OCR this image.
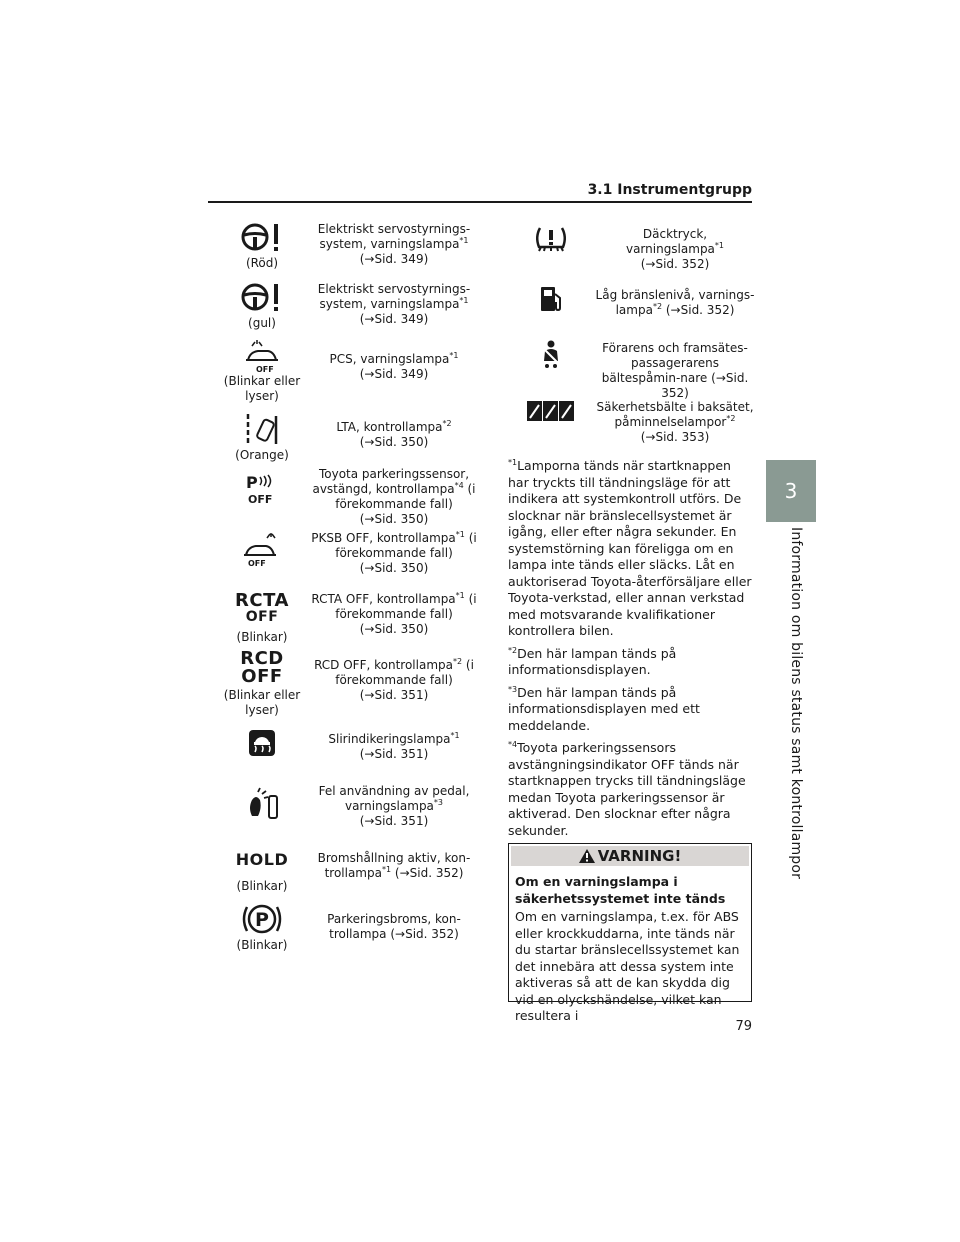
3.1 Instrumentgrupp
3
Information om bilens status samt kontrollampor
(Röd)
Elektriskt servostyrnings-system, varningslampa$^{*1}$
(→Sid. 349)
(gul)
Elektriskt servostyrnings-system, varningslampa$^{*1}$
(→Sid. 349)
OFF
(Blinkar eller lyser)
PCS, varningslampa$^{*1}$
(→Sid. 349)
(Orange)
LTA, kontrollampa$^{*2}$
(→Sid. 350)
P
OFF
Toyota parkeringssensor, avstängd, kontrollampa$^{*4}$ (i förekommande fall)
(→Sid. 350)
OFF
PKSB OFF, kontrollampa$^{*1}$ (i förekommande fall)
(→Sid. 350)
RCTA
OFF
(Blinkar)
RCTA OFF, kontrollampa$^{*1}$ (i förekommande fall)
(→Sid. 350)
RCD
OFF
(Blinkar eller lyser)
RCD OFF, kontrollampa$^{*2}$ (i förekommande fall)
(→Sid. 351)
Slirindikeringslampa$^{*1}$
(→Sid. 351)
Fel användning av pedal, varningslampa$^{*3}$
(→Sid. 351)
HOLD
(Blinkar)
Bromshållning aktiv, kon-trollampa$^{*1}$ (→Sid. 352)
P
(Blinkar)
Parkeringsbroms, kon-trollampa (→Sid. 352)
Däcktryck, varningslampa$^{*1}$
(→Sid. 352)
Låg bränslenivå, varnings-lampa$^{*2}$ (→Sid. 352)
Förarens och framsätes-passagerarens bältespåmin-nare (→Sid. 352)
Säkerhetsbälte i baksätet, påminnelselampor$^{*2}$
(→Sid. 353)

$^{*1}$Lamporna tänds när startknappen har tryckts till tändningsläge för att indikera att systemkontroll utförs. De slocknar när bränslecellsystemet är igång, eller efter några sekunder. En systemstörning kan föreligga om en lampa inte tänds eller släcks. Låt en auktoriserad Toyota-återförsäljare eller Toyota-verkstad, eller annan verkstad med motsvarande kvalifikationer kontrollera bilen.

$^{*2}$Den här lampan tänds på informationsdisplayen.

$^{*3}$Den här lampan tänds på informationsdisplayen med ett meddelande.

$^{*4}$Toyota parkeringssensors avstängningsindikator OFF tänds när startknappen trycks till tändningsläge medan Toyota parkeringssensor är aktiverad. Den slocknar efter några sekunder.

VARNING!
Om en varningslampa i säkerhetssystemet inte tänds
Om en varningslampa, t.ex. för ABS eller krockkuddarna, inte tänds när du startar bränslecellssystemet kan det innebära att dessa system inte aktiveras så att de kan skydda dig vid en olyckshändelse, vilket kan resultera i
79
